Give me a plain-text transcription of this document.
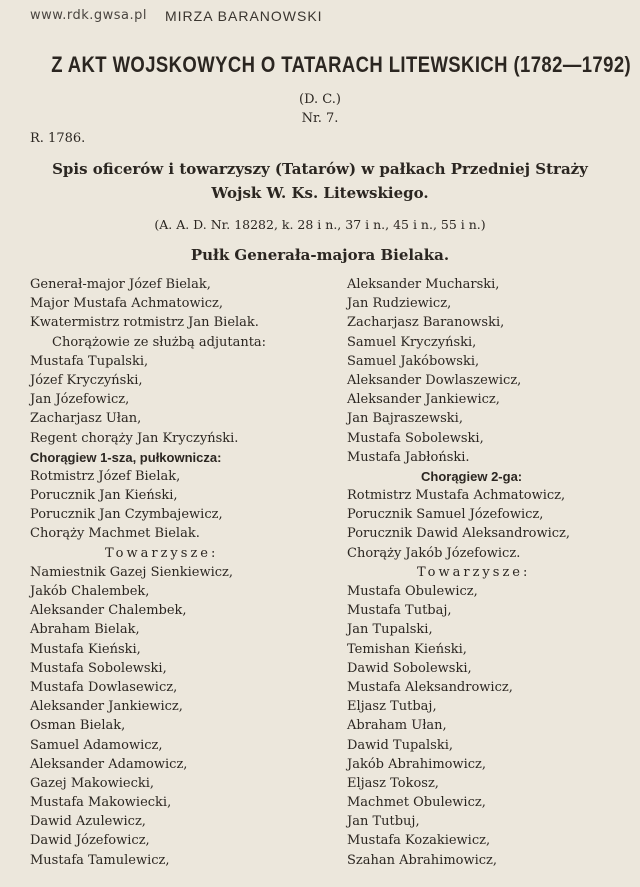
www.rdk.gwsa.pl MIRZA BARANOWSKI
Z AKT WOJSKOWYCH O TATARACH LITEWSKICH (1782—1792)
(D. C.)
Nr. 7.
R. 1786.
Spis oficerów i towarzyszy (Tatarów) w pałkach Przedniej Straży
Wojsk W. Ks. Litewskiego.
(A. A. D. Nr. 18282, k. 28 i n., 37 i n., 45 i n., 55 i n.)
Pułk Generała-majora Bielaka.
Generał-major Józef Bielak,
Major Mustafa Achmatowicz,
Kwatermistrz rotmistrz Jan Bielak.
Chorążowie ze służbą adjutanta:
Mustafa Tupalski,
Józef Kryczyński,
Jan Józefowicz,
Zacharjasz Ułan,
Regent chorąży Jan Kryczyński.
Chorągiew 1-sza, pułkownicza:
Rotmistrz Józef Bielak,
Porucznik Jan Kieński,
Porucznik Jan Czymbajewicz,
Chorąży Machmet Bielak.
Towarzysze:
Namiestnik Gazej Sienkiewicz,
Jakób Chalembek,
Aleksander Chalembek,
Abraham Bielak,
Mustafa Kieński,
Mustafa Sobolewski,
Mustafa Dowlasewicz,
Aleksander Jankiewicz,
Osman Bielak,
Samuel Adamowicz,
Aleksander Adamowicz,
Gazej Makowiecki,
Mustafa Makowiecki,
Dawid Azulewicz,
Dawid Józefowicz,
Mustafa Tamulewicz,
Aleksander Mucharski,
Jan Rudziewicz,
Zacharjasz Baranowski,
Samuel Kryczyński,
Samuel Jakóbowski,
Aleksander Dowlaszewicz,
Aleksander Jankiewicz,
Jan Bajraszewski,
Mustafa Sobolewski,
Mustafa Jabłoński.
Chorągiew 2-ga:
Rotmistrz Mustafa Achmatowicz,
Porucznik Samuel Józefowicz,
Porucznik Dawid Aleksandrowicz,
Chorąży Jakób Józefowicz.
Towarzysze:
Mustafa Obulewicz,
Mustafa Tutbaj,
Jan Tupalski,
Temishan Kieński,
Dawid Sobolewski,
Mustafa Aleksandrowicz,
Eljasz Tutbaj,
Abraham Ułan,
Dawid Tupalski,
Jakób Abrahimowicz,
Eljasz Tokosz,
Machmet Obulewicz,
Jan Tutbuj,
Mustafa Kozakiewicz,
Szahan Abrahimowicz,
